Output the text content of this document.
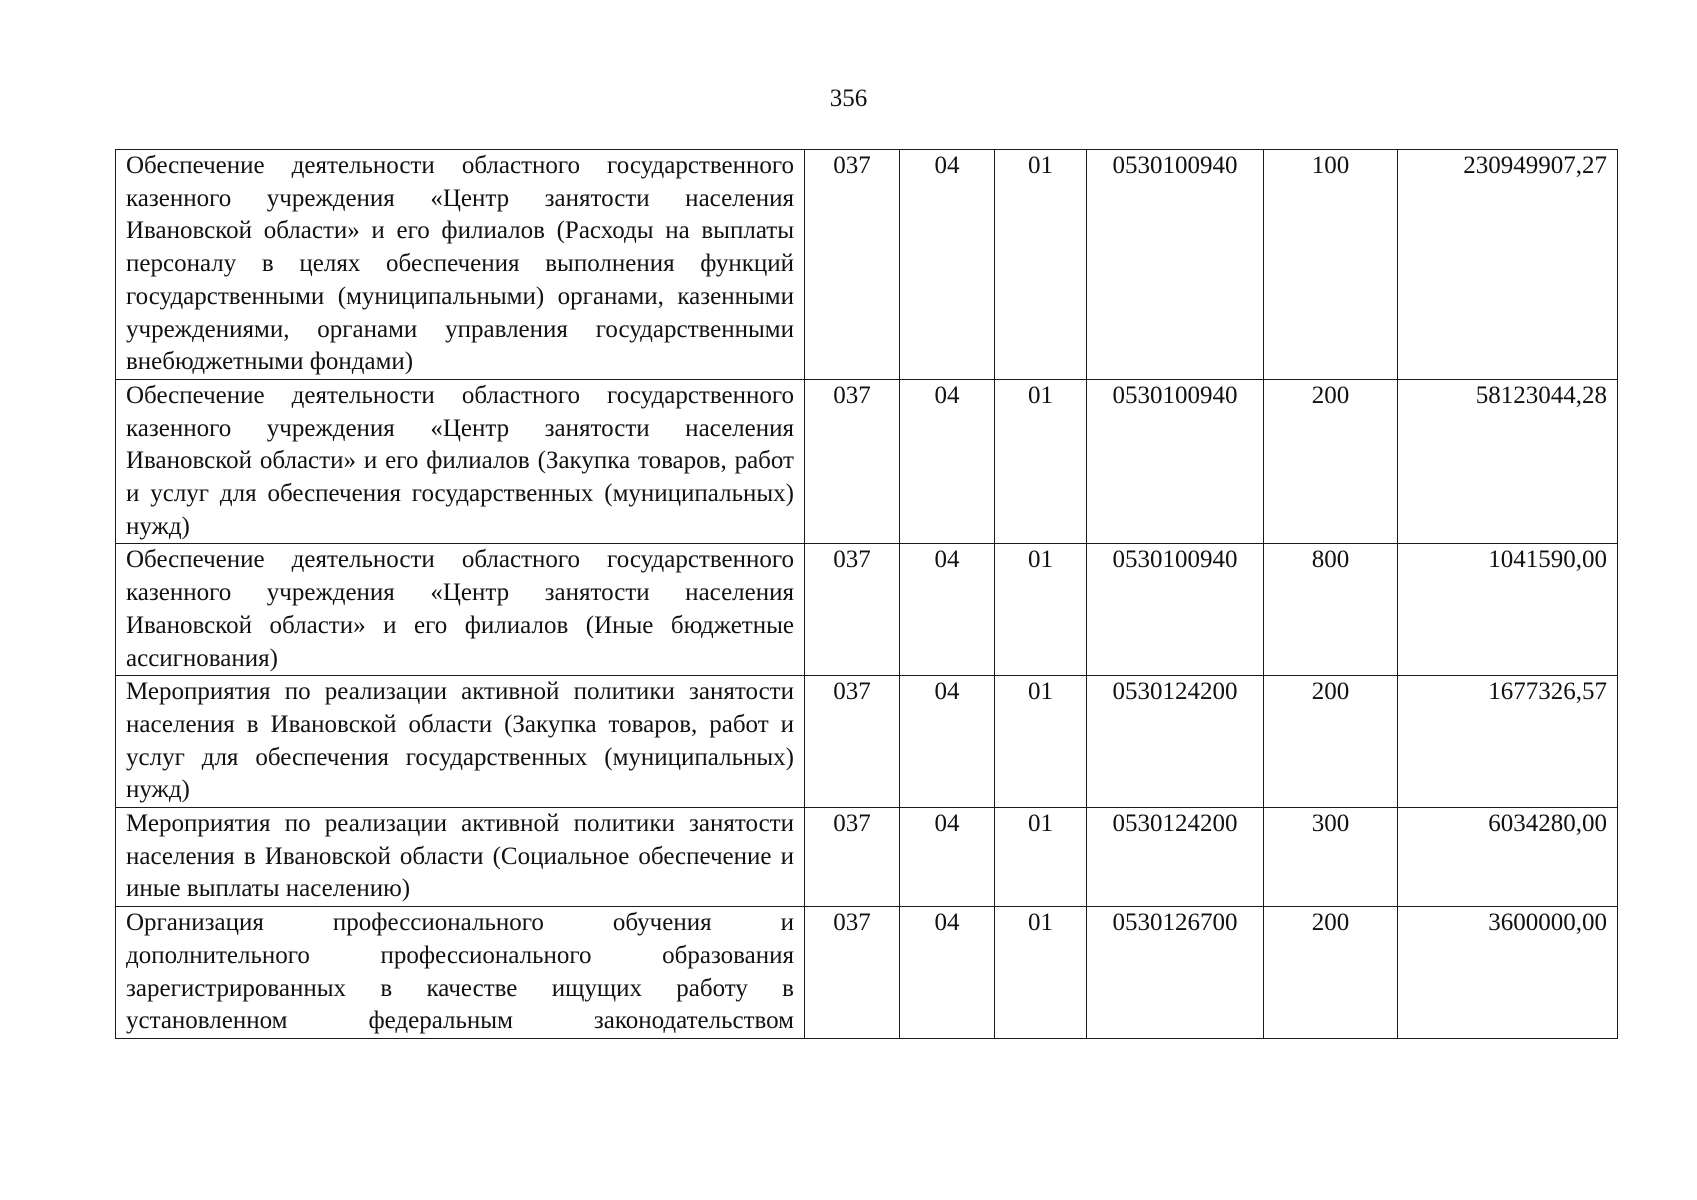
356
Обеспечение деятельности областного государственного казенного учреждения «Центр занятости населения Ивановской области» и его филиалов (Расходы на выплаты персоналу в целях обеспечения выполнения функций государственными (муниципальными) органами, казенными учреждениями, органами управления государственными внебюджетными фондами)	037	04	01	0530100940	100	230949907,27
Обеспечение деятельности областного государственного казенного учреждения «Центр занятости населения Ивановской области» и его филиалов (Закупка товаров, работ и услуг для обеспечения государственных (муниципальных) нужд)	037	04	01	0530100940	200	58123044,28
Обеспечение деятельности областного государственного казенного учреждения «Центр занятости населения Ивановской области» и его филиалов (Иные бюджетные ассигнования)	037	04	01	0530100940	800	1041590,00
Мероприятия по реализации активной политики занятости населения в Ивановской области (Закупка товаров, работ и услуг для обеспечения государственных (муниципальных) нужд)	037	04	01	0530124200	200	1677326,57
Мероприятия по реализации активной политики занятости населения в Ивановской области (Социальное обеспечение и иные выплаты населению)	037	04	01	0530124200	300	6034280,00
Организация профессионального обучения и дополнительного профессионального образования зарегистрированных в качестве ищущих работу в установленном федеральным законодательством	037	04	01	0530126700	200	3600000,00
